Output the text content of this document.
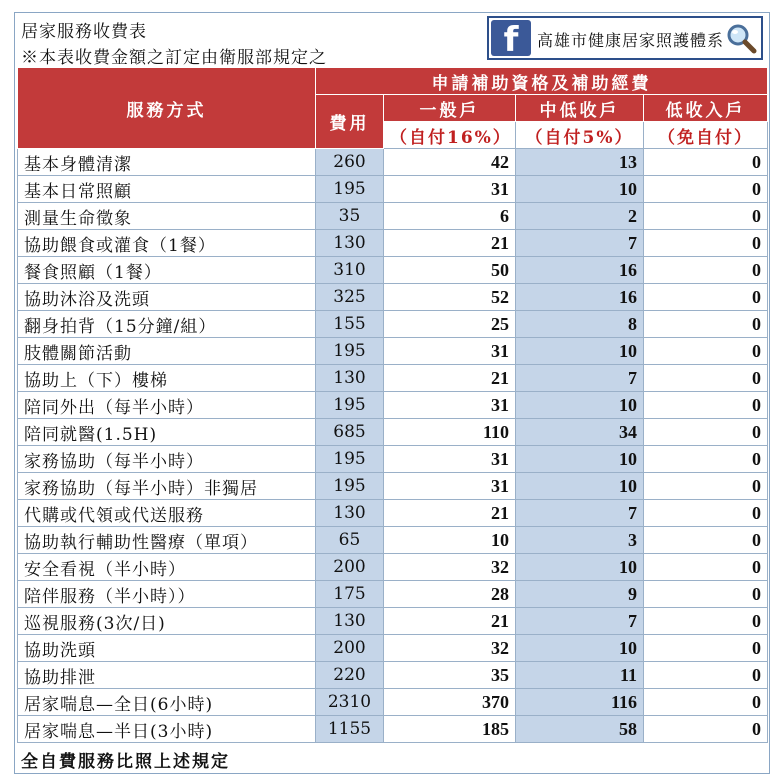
居家服務收費表
※本表收費金額之訂定由衛服部規定之	f	高雄市健康居家照護體系
服務方式	申請補助資格及補助經費			
	費用	一般戶	中低收戶	低收入戶
		（自付16%）	（自付5%）	（免自付）
基本身體清潔	260	42	13	0
基本日常照顧	195	31	10	0
測量生命徵象	35	6	2	0
協助餵食或灌食（1餐）	130	21	7	0
餐食照顧（1餐）	310	50	16	0
協助沐浴及洗頭	325	52	16	0
翻身拍背（15分鐘/組）	155	25	8	0
肢體關節活動	195	31	10	0
協助上（下）樓梯	130	21	7	0
陪同外出（每半小時）	195	31	10	0
陪同就醫(1.5H)	685	110	34	0
家務協助（每半小時）	195	31	10	0
家務協助（每半小時）非獨居	195	31	10	0
代購或代領或代送服務	130	21	7	0
協助執行輔助性醫療（單項）	65	10	3	0
安全看視（半小時）	200	32	10	0
陪伴服務（半小時））	175	28	9	0
巡視服務(3次/日)	130	21	7	0
協助洗頭	200	32	10	0
協助排泄	220	35	11	0
居家喘息—全日(6小時)	2310	370	116	0
居家喘息—半日(3小時)	1155	185	58	0
全自費服務比照上述規定
